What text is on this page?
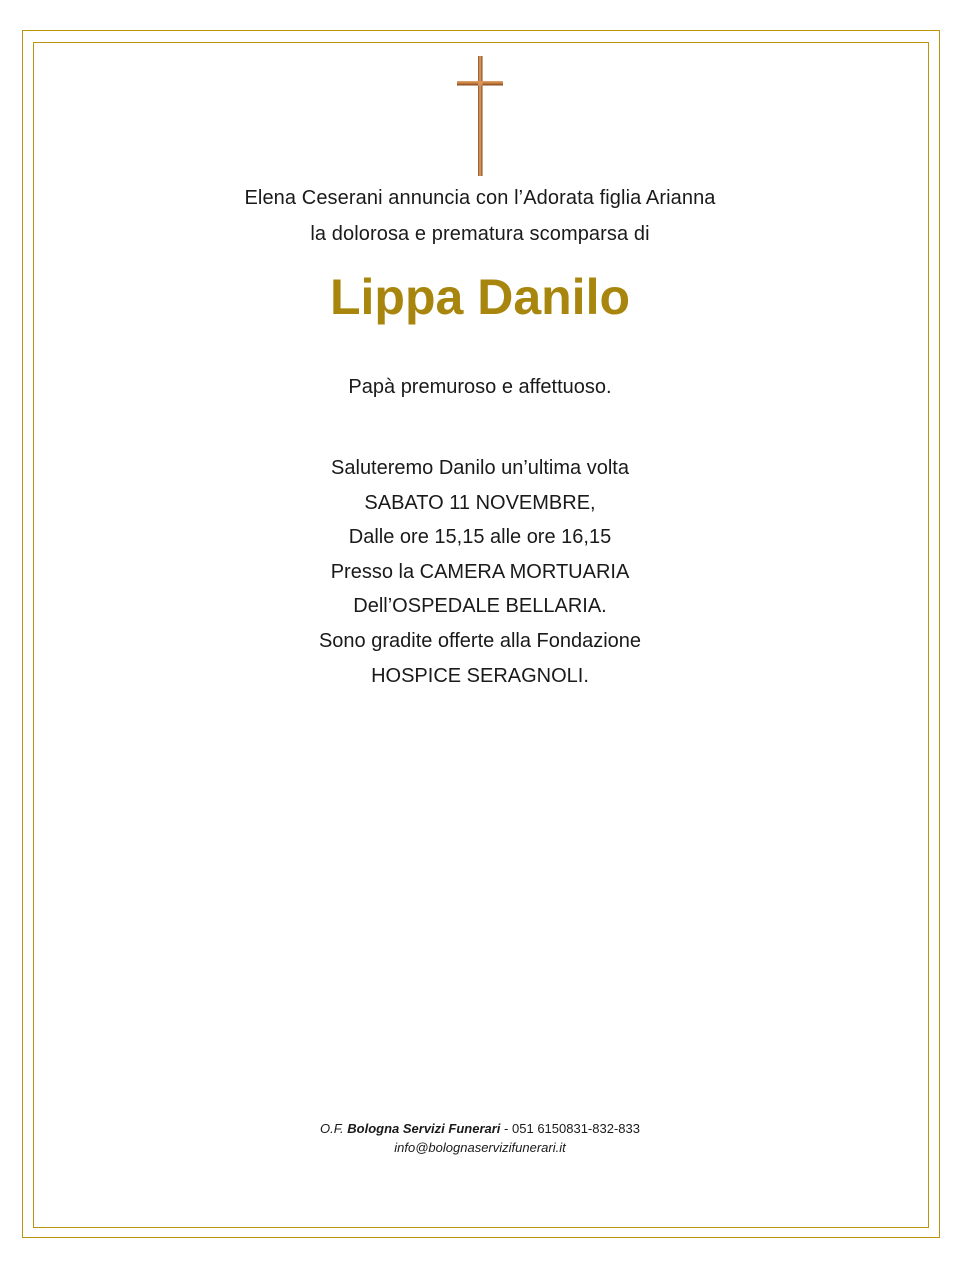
Elena Ceserani annuncia con l’Adorata figlia Arianna
la dolorosa e prematura scomparsa di
Lippa Danilo
Papà premuroso e affettuoso.
Saluteremo Danilo un’ultima volta
SABATO 11 NOVEMBRE,
Dalle ore 15,15 alle ore 16,15
Presso la CAMERA MORTUARIA
Dell’OSPEDALE BELLARIA.
Sono gradite offerte alla Fondazione
HOSPICE SERAGNOLI.
O.F. Bologna Servizi Funerari - 051 6150831-832-833
info@bolognaservizifunerari.it
